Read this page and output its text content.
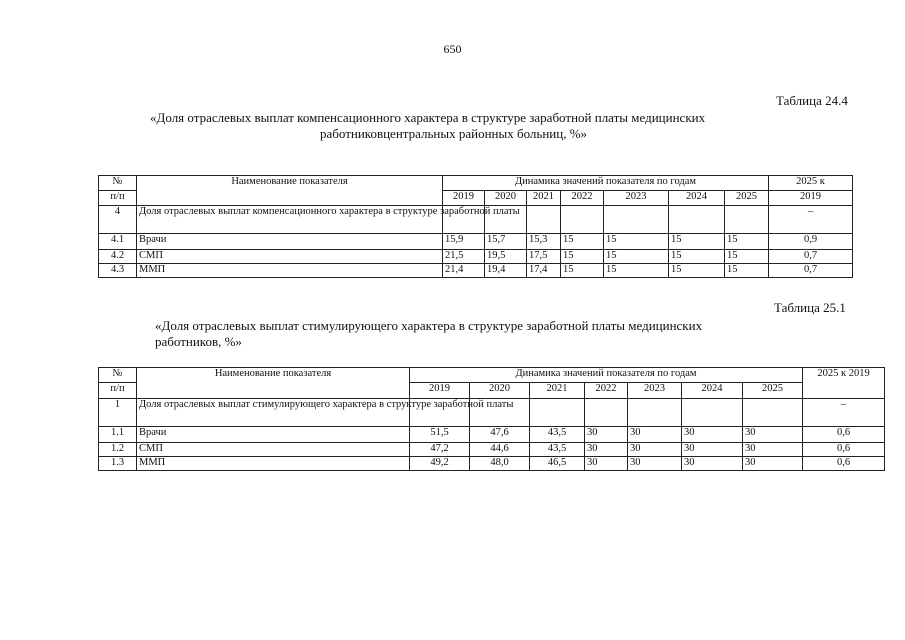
650
Таблица 24.4
«Доля отраслевых выплат компенсационного характера в структуре заработной платы медицинских
работниковцентральных районных больниц, %»
№	Наименование показателя	Динамика значений показателя по годам							2025 к
п/п		2019	2020	2021	2022	2023	2024	2025	2019
4	Доля отраслевых выплат компенсационного характера в структуре заработной платы								–
4.1	Врачи	15,9	15,7	15,3	15	15	15	15	0,9
4.2	СМП	21,5	19,5	17,5	15	15	15	15	0,7
4.3	ММП	21,4	19,4	17,4	15	15	15	15	0,7
Таблица 25.1
«Доля отраслевых выплат стимулирующего характера в структуре заработной платы медицинских
работников, %»
№	Наименование показателя	Динамика значений показателя по годам							2025 к 2019
п/п		2019	2020	2021	2022	2023	2024	2025	
1	Доля отраслевых выплат стимулирующего характера в структуре заработной платы								–
1.1	Врачи	51,5	47,6	43,5	30	30	30	30	0,6
1.2	СМП	47,2	44,6	43,5	30	30	30	30	0,6
1.3	ММП	49,2	48,0	46,5	30	30	30	30	0,6
